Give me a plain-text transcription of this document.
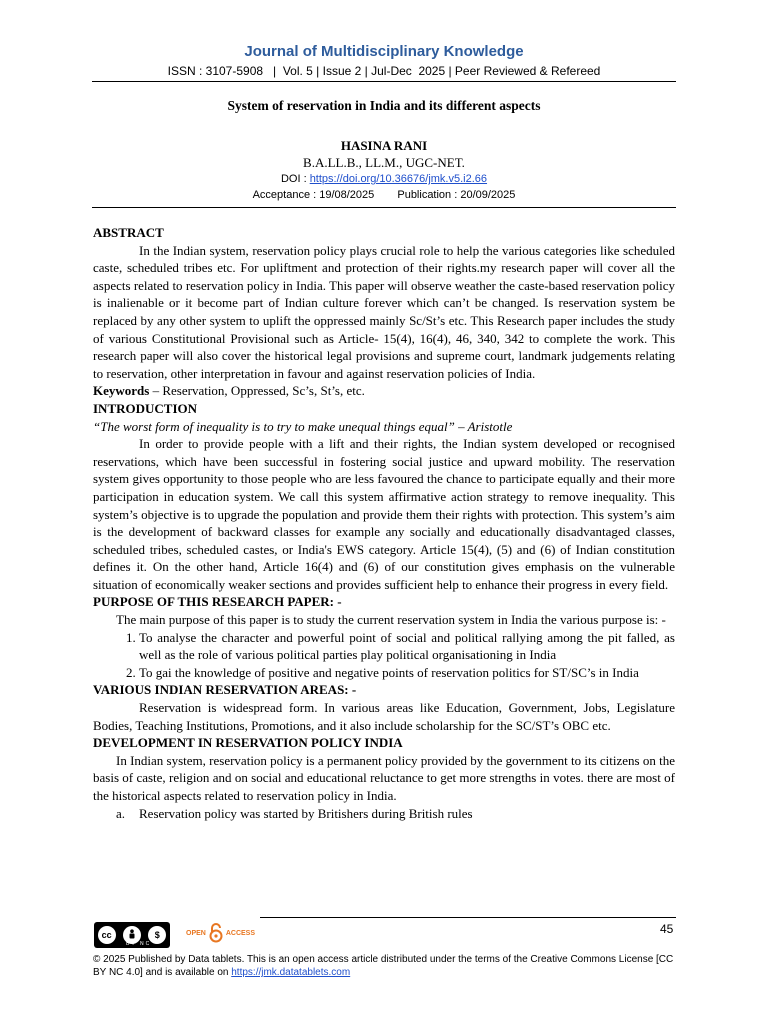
Journal of Multidisciplinary Knowledge
ISSN : 3107-5908   |  Vol. 5 | Issue 2 | Jul-Dec  2025 | Peer Reviewed & Refereed
System of reservation in India and its different aspects
HASINA RANI
B.A.LL.B., LL.M., UGC-NET.
DOI : https://doi.org/10.36676/jmk.v5.i2.66
Acceptance : 19/08/2025 Publication : 20/09/2025
ABSTRACT

In the Indian system, reservation policy plays crucial role to help the various categories like scheduled caste, scheduled tribes etc. For upliftment and protection of their rights.my research paper will cover all the aspects related to reservation policy in India. This paper will observe weather the caste-based reservation policy is inalienable or it become part of Indian culture forever which can’t be changed. Is reservation system be replaced by any other system to uplift the oppressed mainly Sc/St’s etc. This Research paper includes the study of various Constitutional Provisional such as Article- 15(4), 16(4), 46, 340, 342 to complete the work. This research paper will also cover the historical legal provisions and supreme court, landmark judgements relating to reservation, other interpretation in favour and against reservation policies of India.

Keywords – Reservation, Oppressed, Sc’s, St’s, etc.

INTRODUCTION

“The worst form of inequality is to try to make unequal things equal” – Aristotle

In order to provide people with a lift and their rights, the Indian system developed or recognised reservations, which have been successful in fostering social justice and upward mobility. The reservation system gives opportunity to those people who are less favoured the chance to participate equally and their more participation in education system. We call this system affirmative action strategy to remove inequality. This system’s objective is to upgrade the population and provide them their rights with protection. This system’s aim is the development of backward classes for example any socially and educationally disadvantaged classes, scheduled tribes, scheduled castes, or India's EWS category. Article 15(4), (5) and (6) of Indian constitution defines it. On the other hand, Article 16(4) and (6) of our constitution gives emphasis on the vulnerable situation of economically weaker sections and provides sufficient help to enhance their progress in every field.

PURPOSE OF THIS RESEARCH PAPER: -

The main purpose of this paper is to study the current reservation system in India the various purpose is: -

1. To analyse the character and powerful point of social and political rallying among the pit falled, as well as the role of various political parties play political organisationing in India
2. To gai the knowledge of positive and negative points of reservation politics for ST/SC’s in India
VARIOUS INDIAN RESERVATION AREAS: -

Reservation is widespread form. In various areas like Education, Government, Jobs, Legislature Bodies, Teaching Institutions, Promotions, and it also include scholarship for the SC/ST’s OBC etc.

DEVELOPMENT IN RESERVATION POLICY INDIA

In Indian system, reservation policy is a permanent policy provided by the government to its citizens on the basis of caste, religion and on social and educational reluctance to get more strengths in votes. there are most of the historical aspects related to reservation policy in India.

a. Reservation policy was started by Britishers during British rules

cc	$
BY NC
OPEN	ACCESS	45
© 2025 Published by Data tablets. This is an open access article distributed under the terms of the Creative Commons License [CC BY NC 4.0] and is available on https://jmk.datatablets.com
